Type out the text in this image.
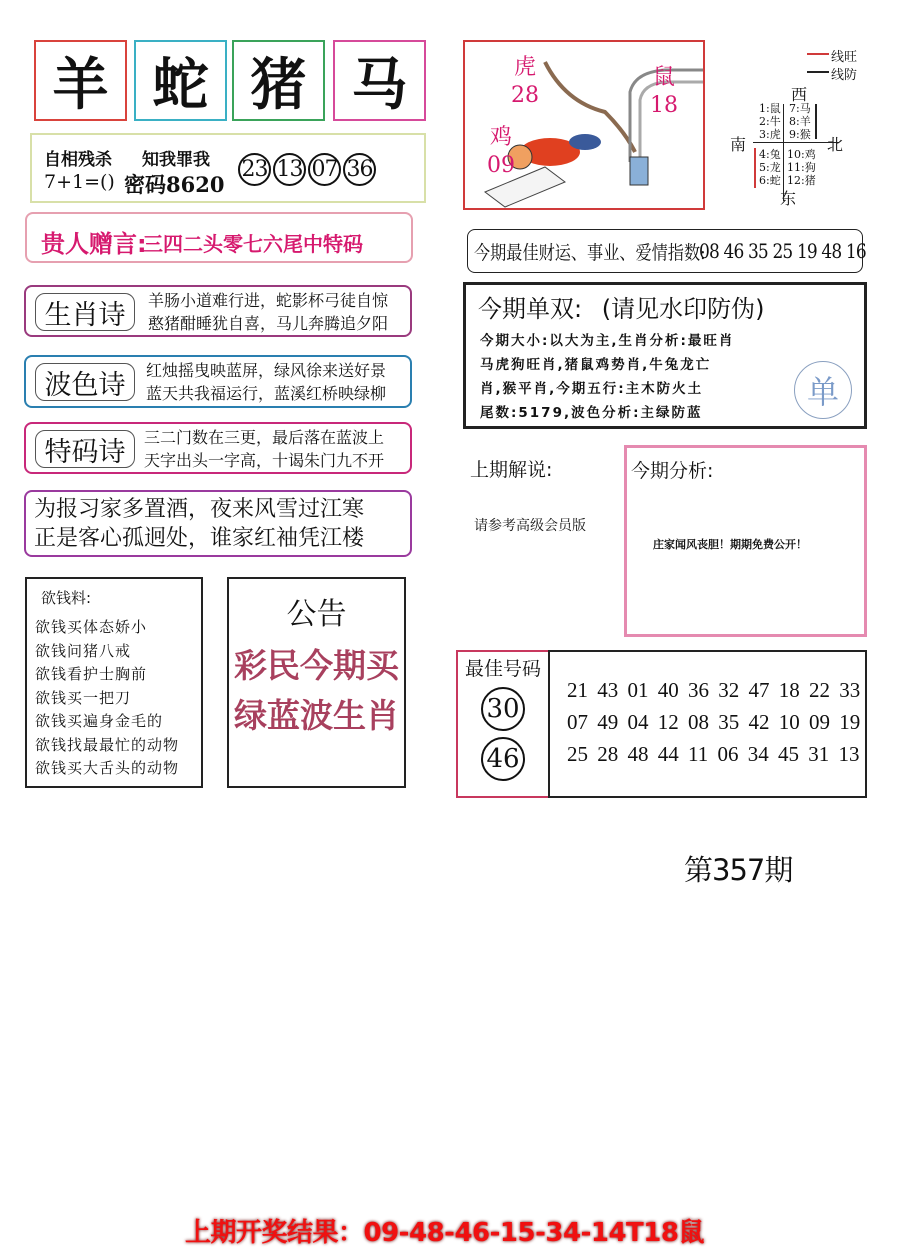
羊 蛇 猪 马
自相残杀 知我罪我
7+1=() 密码8620
23 13 07 36
贵人赠言:
三四二头零七六尾中特码
生肖诗	羊肠小道难行进，蛇影杯弓徒自惊
憨猪酣睡犹自喜，马儿奔腾追夕阳
波色诗	红烛摇曳映蓝屏，绿风徐来送好景
蓝天共我福运行，蓝溪红桥映绿柳
特码诗	三二门数在三更，最后落在蓝波上
天字出头一字高，十谒朱门九不开
为报习家多置酒，夜来风雪过江寒
正是客心孤迥处，谁家红袖凭江楼
欲钱料:
欲钱买体态娇小
欲钱问猪八戒
欲钱看护士胸前
欲钱买一把刀
欲钱买遍身金毛的
欲钱找最最忙的动物
欲钱买大舌头的动物
公告
彩民今期买
绿蓝波生肖
虎
28
鼠
18
鸡
09
线旺
线防
西
南	北
东
1:鼠
2:牛
3:虎
7:马
8:羊
9:猴
4:兔
5:龙
6:蛇
10:鸡
11:狗
12:猪
今期最佳财运、事业、爱情指数:
08 46 35 25 19 48 16
今期单双: (请见水印防伪)
今期大小:以大为主,生肖分析:最旺肖
马虎狗旺肖,猪鼠鸡势肖,牛兔龙亡
肖,猴平肖,今期五行:主木防火土
尾数:5179,波色分析:主绿防蓝
单
上期解说:
请参考高级会员版
今期分析:
庄家闻风丧胆！期期免费公开！
最佳号码
30
46
21 43 01 40 36 32 47 18 22 33
07 49 04 12 08 35 42 10 09 19
25 28 48 44 11 06 34 45 31 13
第357期
上期开奖结果：09-48-46-15-34-14T18鼠
